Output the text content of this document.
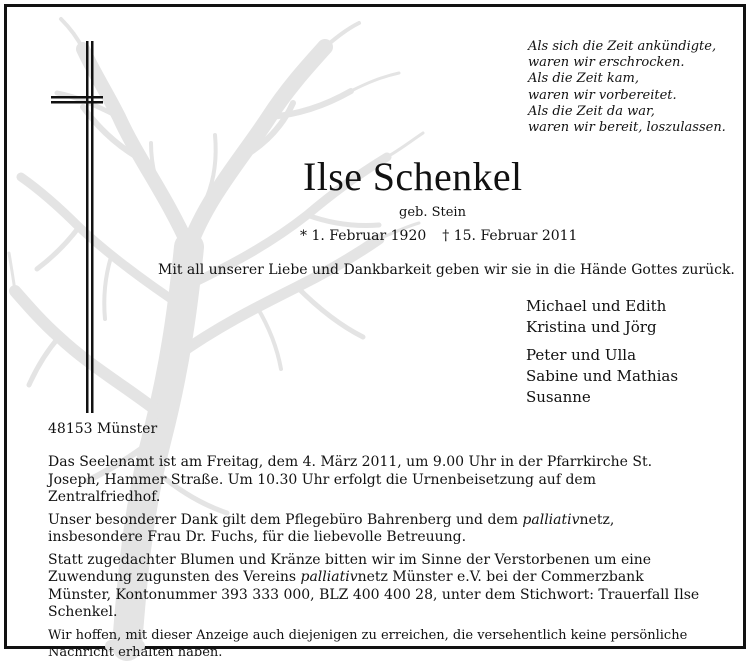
Als sich die Zeit ankündigte,
waren wir erschrocken.
Als die Zeit kam,
waren wir vorbereitet.
Als die Zeit da war,
waren wir bereit, loszulassen.
Ilse Schenkel
geb. Stein
* 1. Februar 1920 † 15. Februar 2011
Mit all unserer Liebe und Dankbarkeit geben wir sie in die Hände Gottes zurück.
Michael und Edith
Kristina und Jörg
Peter und Ulla
Sabine und Mathias
Susanne
48153 Münster

Das Seelenamt ist am Freitag, dem 4. März 2011, um 9.00 Uhr in der Pfarrkirche St. Joseph, Hammer Straße. Um 10.30 Uhr erfolgt die Urnenbeisetzung auf dem Zentralfriedhof.

Unser besonderer Dank gilt dem Pflegebüro Bahrenberg und dem palliativnetz, insbesondere Frau Dr. Fuchs, für die liebevolle Betreuung.

Statt zugedachter Blumen und Kränze bitten wir im Sinne der Verstorbenen um eine Zuwendung zugunsten des Vereins palliativnetz Münster e.V. bei der Commerzbank Münster, Kontonummer 393 333 000, BLZ 400 400 28, unter dem Stichwort: Trauerfall Ilse Schenkel.

Wir hoffen, mit dieser Anzeige auch diejenigen zu erreichen, die versehentlich keine persönliche Nachricht erhalten haben.
